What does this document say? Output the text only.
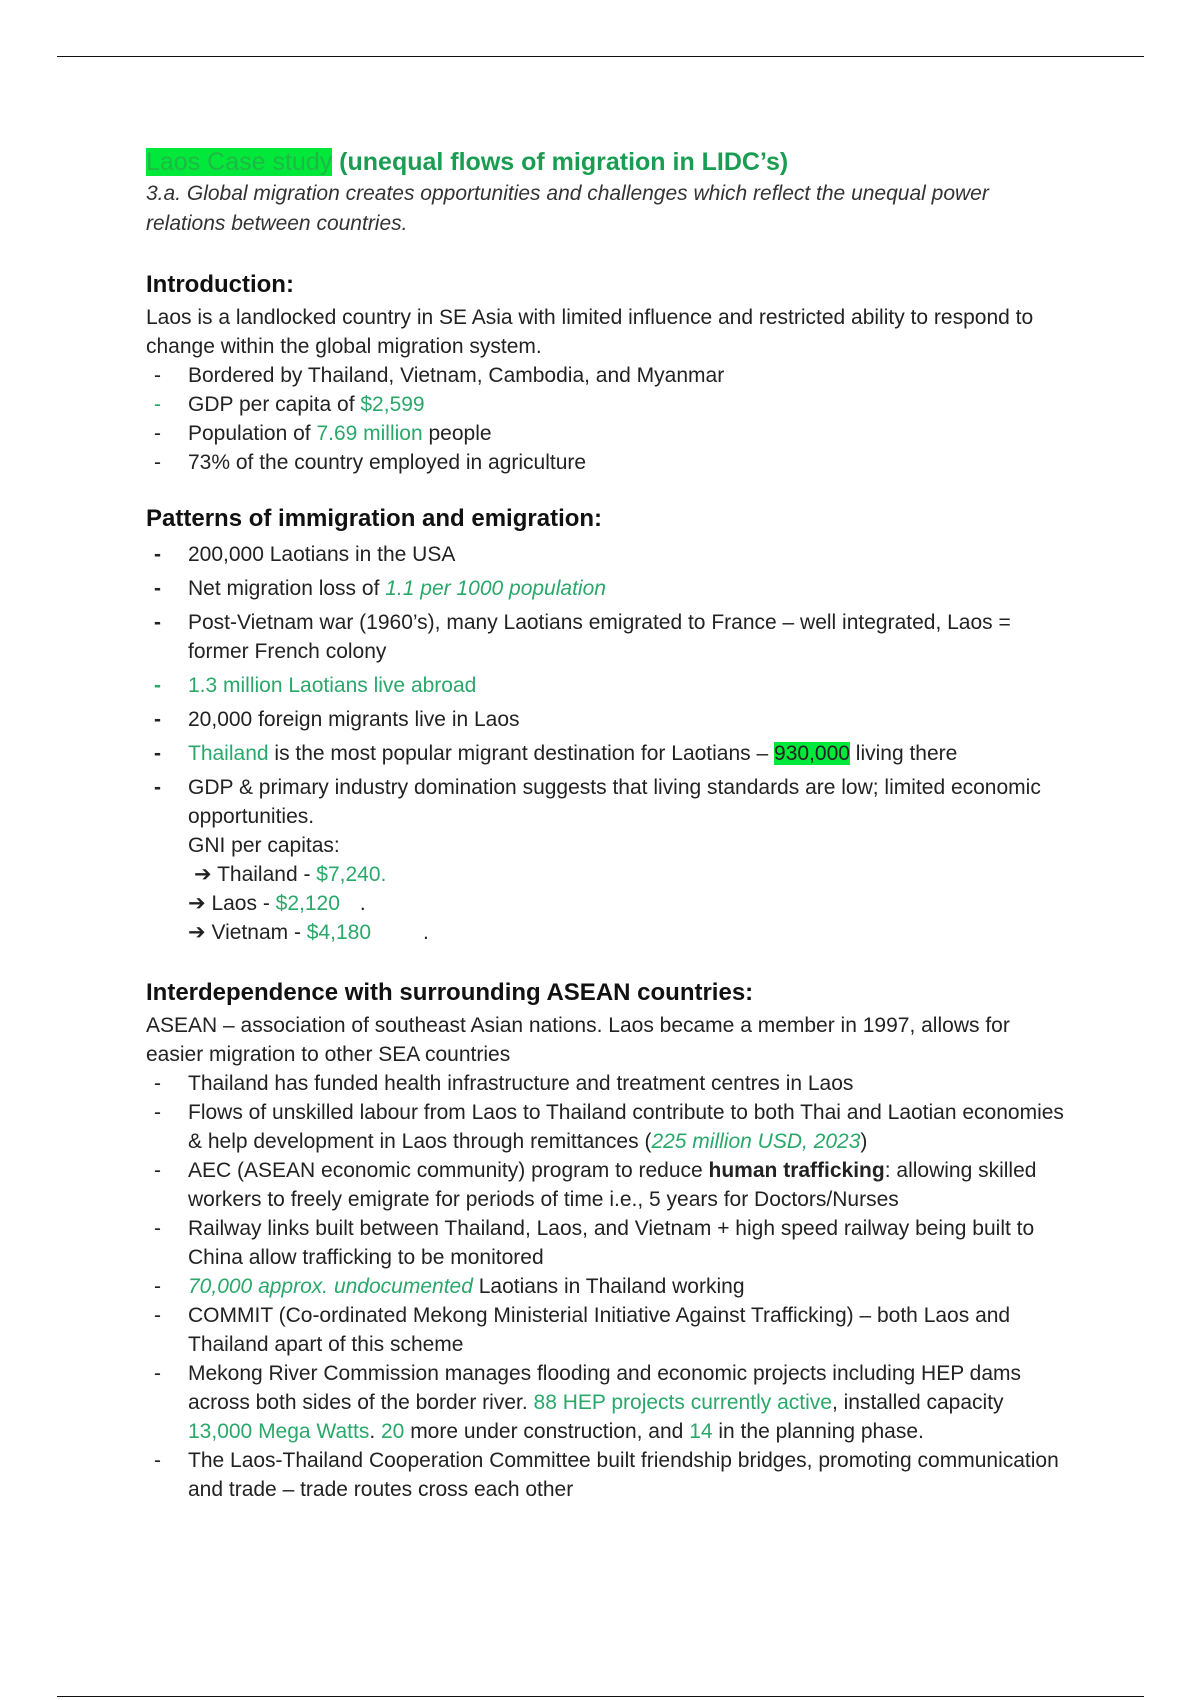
Laos Case study (unequal flows of migration in LIDC’s)
3.a. Global migration creates opportunities and challenges which reflect the unequal power relations between countries.
Introduction:
Laos is a landlocked country in SE Asia with limited influence and restricted ability to respond to change within the global migration system.
- Bordered by Thailand, Vietnam, Cambodia, and Myanmar
- GDP per capita of $2,599
- Population of 7.69 million people
- 73% of the country employed in agriculture
Patterns of immigration and emigration:
- 200,000 Laotians in the USA
- Net migration loss of 1.1 per 1000 population
- Post-Vietnam war (1960’s), many Laotians emigrated to France – well integrated, Laos = former French colony
- 1.3 million Laotians live abroad
- 20,000 foreign migrants live in Laos
- Thailand is the most popular migrant destination for Laotians – 930,000 living there
- GDP & primary industry domination suggests that living standards are low; limited economic opportunities.
GNI per capitas:
➔ Thailand - $7,240.
➔ Laos - $2,120 .
➔ Vietnam - $4,180 .
Interdependence with surrounding ASEAN countries:
ASEAN – association of southeast Asian nations. Laos became a member in 1997, allows for easier migration to other SEA countries
- Thailand has funded health infrastructure and treatment centres in Laos
- Flows of unskilled labour from Laos to Thailand contribute to both Thai and Laotian economies & help development in Laos through remittances (225 million USD, 2023)
- AEC (ASEAN economic community) program to reduce human trafficking: allowing skilled workers to freely emigrate for periods of time i.e., 5 years for Doctors/Nurses
- Railway links built between Thailand, Laos, and Vietnam + high speed railway being built to China allow trafficking to be monitored
- 70,000 approx. undocumented Laotians in Thailand working
- COMMIT (Co-ordinated Mekong Ministerial Initiative Against Trafficking) – both Laos and Thailand apart of this scheme
- Mekong River Commission manages flooding and economic projects including HEP dams across both sides of the border river. 88 HEP projects currently active, installed capacity 13,000 Mega Watts. 20 more under construction, and 14 in the planning phase.
- The Laos-Thailand Cooperation Committee built friendship bridges, promoting communication and trade – trade routes cross each other
